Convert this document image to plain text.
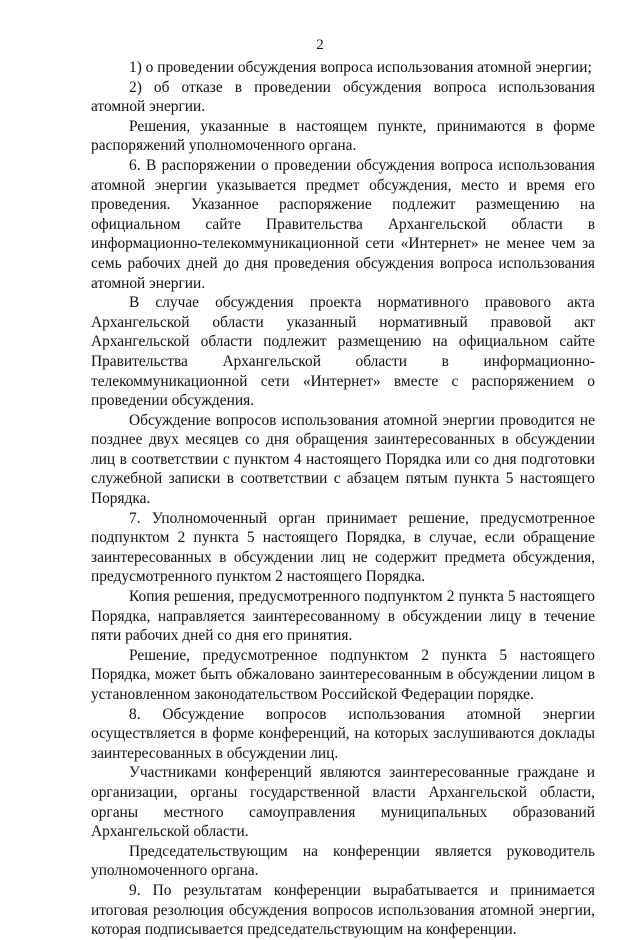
2

1) о проведении обсуждения вопроса использования атомной энергии;

2) об отказе в проведении обсуждения вопроса использования атомной энергии.

Решения, указанные в настоящем пункте, принимаются в форме распоряжений уполномоченного органа.

6. В распоряжении о проведении обсуждения вопроса использования атомной энергии указывается предмет обсуждения, место и время его проведения. Указанное распоряжение подлежит размещению на официальном сайте Правительства Архангельской области в информационно-телекоммуникационной сети «Интернет» не менее чем за семь рабочих дней до дня проведения обсуждения вопроса использования атомной энергии.

В случае обсуждения проекта нормативного правового акта Архангельской области указанный нормативный правовой акт Архангельской области подлежит размещению на официальном сайте Правительства Архангельской области в информационно-телекоммуникационной сети «Интернет» вместе с распоряжением о проведении обсуждения.

Обсуждение вопросов использования атомной энергии проводится не позднее двух месяцев со дня обращения заинтересованных в обсуждении лиц в соответствии с пунктом 4 настоящего Порядка или со дня подготовки служебной записки в соответствии с абзацем пятым пункта 5 настоящего Порядка.

7. Уполномоченный орган принимает решение, предусмотренное подпунктом 2 пункта 5 настоящего Порядка, в случае, если обращение заинтересованных в обсуждении лиц не содержит предмета обсуждения, предусмотренного пунктом 2 настоящего Порядка.

Копия решения, предусмотренного подпунктом 2 пункта 5 настоящего Порядка, направляется заинтересованному в обсуждении лицу в течение пяти рабочих дней со дня его принятия.

Решение, предусмотренное подпунктом 2 пункта 5 настоящего Порядка, может быть обжаловано заинтересованным в обсуждении лицом в установленном законодательством Российской Федерации порядке.

8. Обсуждение вопросов использования атомной энергии осуществляется в форме конференций, на которых заслушиваются доклады заинтересованных в обсуждении лиц.

Участниками конференций являются заинтересованные граждане и организации, органы государственной власти Архангельской области, органы местного самоуправления муниципальных образований Архангельской области.

Председательствующим на конференции является руководитель уполномоченного органа.

9. По результатам конференции вырабатывается и принимается итоговая резолюция обсуждения вопросов использования атомной энергии, которая подписывается председательствующим на конференции.
